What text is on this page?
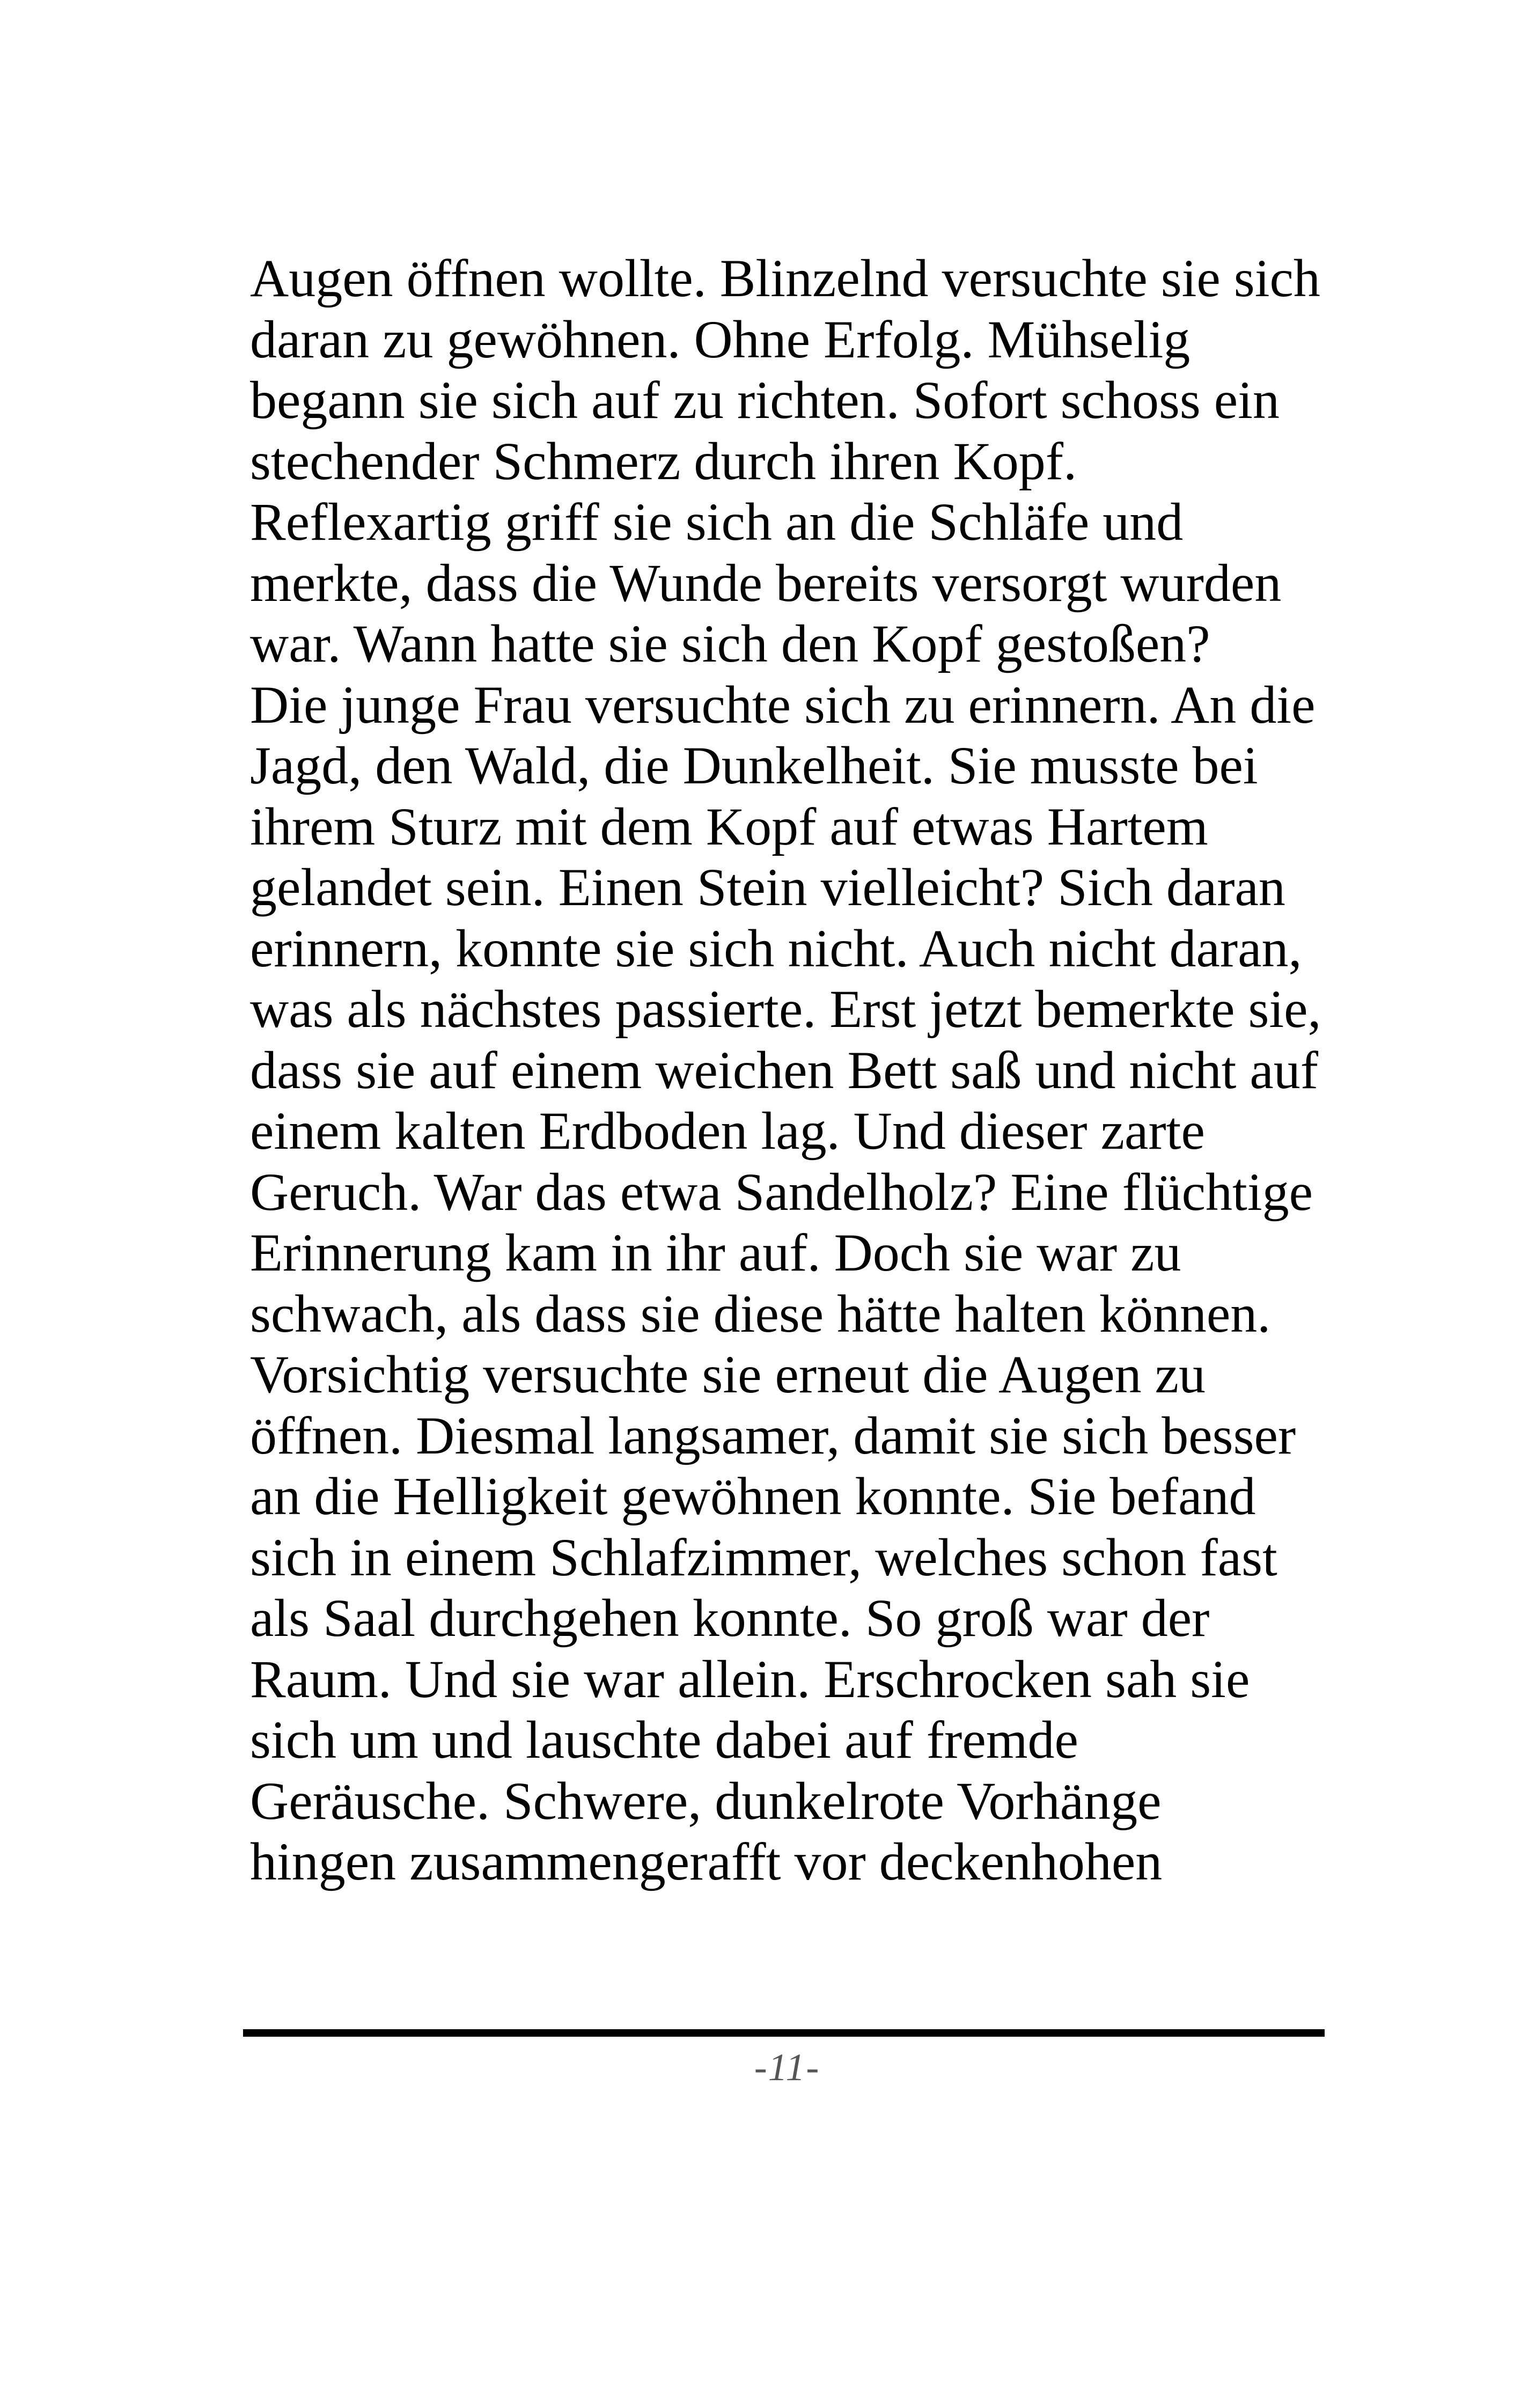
Augen öffnen wollte. Blinzelnd versuchte sie sich
daran zu gewöhnen. Ohne Erfolg. Mühselig
begann sie sich auf zu richten. Sofort schoss ein
stechender Schmerz durch ihren Kopf.
Reflexartig griff sie sich an die Schläfe und
merkte, dass die Wunde bereits versorgt wurden
war. Wann hatte sie sich den Kopf gestoßen?
Die junge Frau versuchte sich zu erinnern. An die
Jagd, den Wald, die Dunkelheit. Sie musste bei
ihrem Sturz mit dem Kopf auf etwas Hartem
gelandet sein. Einen Stein vielleicht? Sich daran
erinnern, konnte sie sich nicht. Auch nicht daran,
was als nächstes passierte. Erst jetzt bemerkte sie,
dass sie auf einem weichen Bett saß und nicht auf
einem kalten Erdboden lag. Und dieser zarte
Geruch. War das etwa Sandelholz? Eine flüchtige
Erinnerung kam in ihr auf. Doch sie war zu
schwach, als dass sie diese hätte halten können.
Vorsichtig versuchte sie erneut die Augen zu
öffnen. Diesmal langsamer, damit sie sich besser
an die Helligkeit gewöhnen konnte. Sie befand
sich in einem Schlafzimmer, welches schon fast
als Saal durchgehen konnte. So groß war der
Raum. Und sie war allein. Erschrocken sah sie
sich um und lauschte dabei auf fremde
Geräusche. Schwere, dunkelrote Vorhänge
hingen zusammengerafft vor deckenhohen
-11-
